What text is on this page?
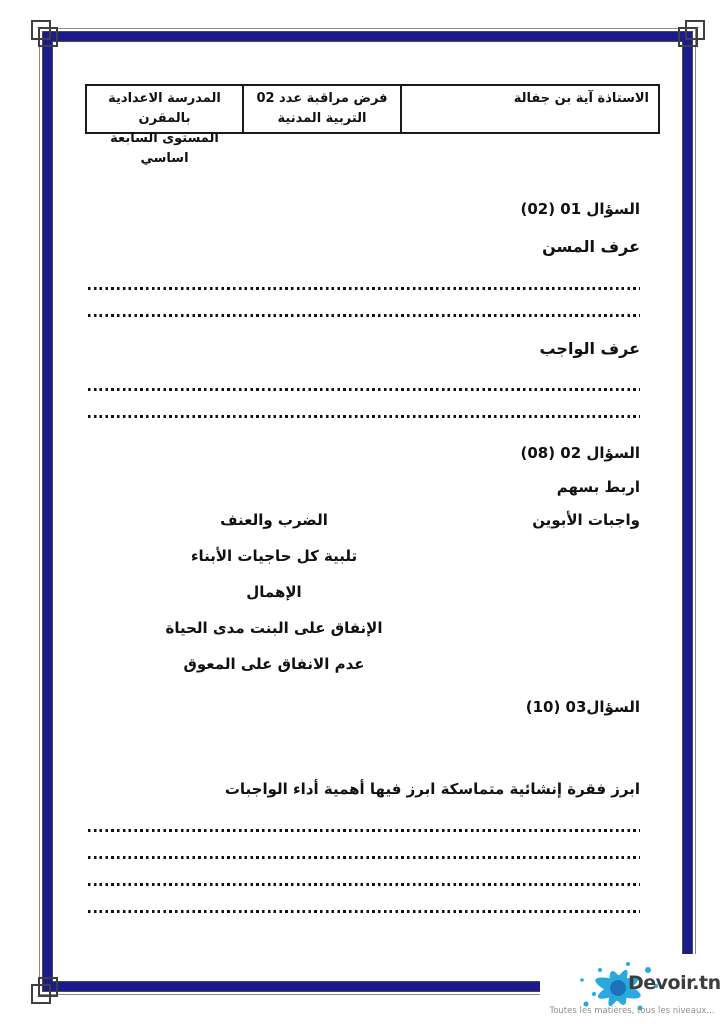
المدرسة الاعدادية بالمقرن
المستوى السابعة اساسي
فرض مراقبة عدد 02
التربية المدنية
الاستاذة آية بن جفالة
السؤال 01 (02)
عرف المسن
عرف الواجب
السؤال 02 (08)
اربط بسهم
واجبات الأبوين
الضرب والعنف
تلبية كل حاجيات الأبناء
الإهمال
الإنفاق على البنت مدى الحياة
عدم الانفاق على المعوق
السؤال03 (10)
ابرز فقرة إنشائية متماسكة ابرز فيها أهمية أداء الواجبات
Devoir.tn
Toutes les matières, tous les niveaux...
